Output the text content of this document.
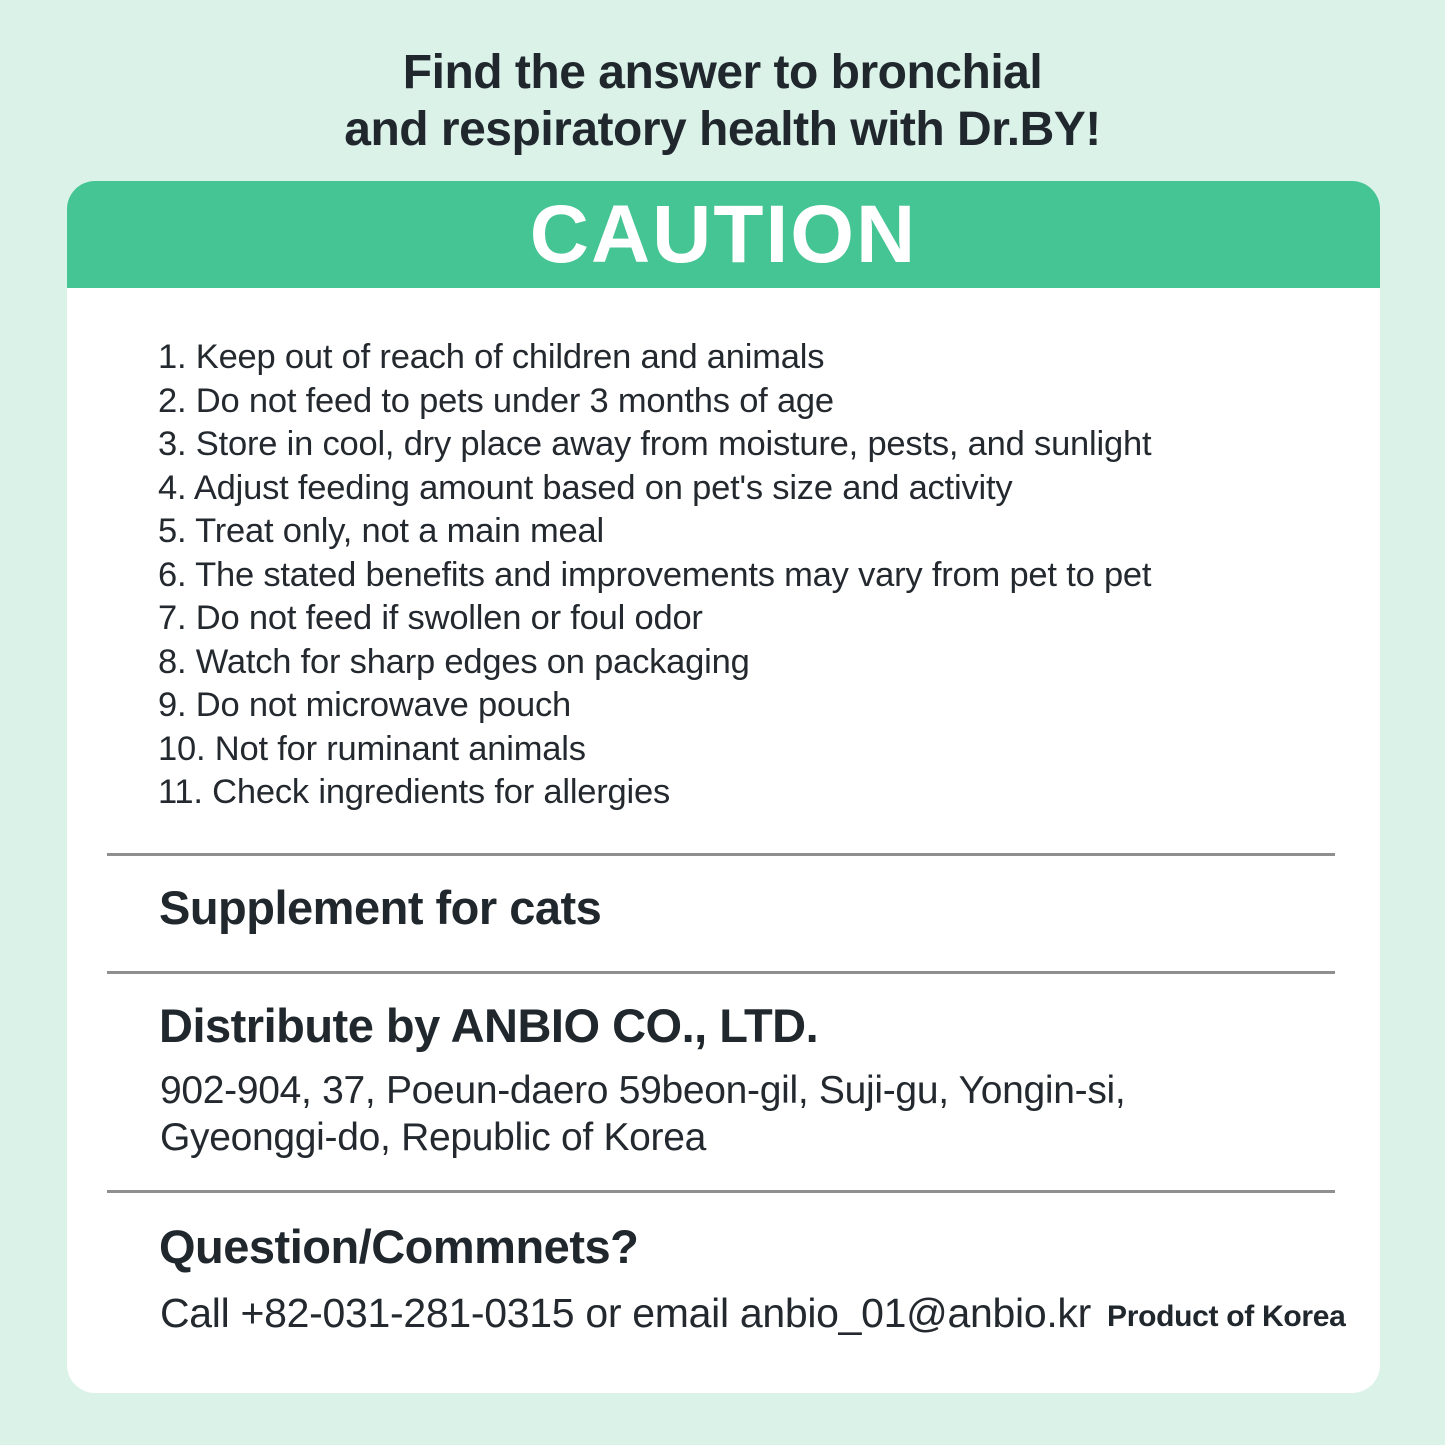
Find the answer to bronchial
and respiratory health with Dr.BY!
CAUTION
1. Keep out of reach of children and animals
2. Do not feed to pets under 3 months of age
3. Store in cool, dry place away from moisture, pests, and sunlight
4. Adjust feeding amount based on pet's size and activity
5. Treat only, not a main meal
6. The stated benefits and improvements may vary from pet to pet
7. Do not feed if swollen or foul odor
8. Watch for sharp edges on packaging
9. Do not microwave pouch
10. Not for ruminant animals
11. Check ingredients for allergies
Supplement for cats
Distribute by ANBIO CO., LTD.
902-904, 37, Poeun-daero 59beon-gil, Suji-gu, Yongin-si,
Gyeonggi-do, Republic of Korea
Question/Commnets?
Call +82-031-281-0315 or email anbio_01@anbio.kr Product of Korea
